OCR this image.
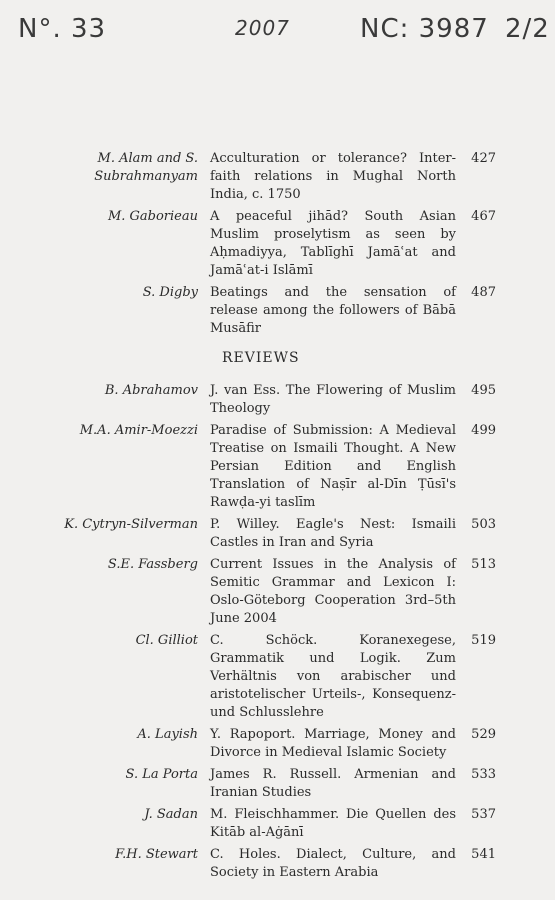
N°. 33	2007	NC: 3987 2/2
M. Alam and S. Subrahmanyam
Acculturation or tolerance? Inter-faith relations in Mughal North India, c. 1750
427
M. Gaborieau A peaceful jihād? South Asian Muslim proselytism as seen by Aḥmadiyya, Tablīghī Jamāʿat and Jamāʿat-i Islāmī
467
S. Digby Beatings and the sensation of release among the followers of Bābā Musāfir
487
REVIEWS
B. Abrahamov J. van Ess. The Flowering of Muslim Theology
495
M.A. Amir-Moezzi Paradise of Submission: A Medieval Treatise on Ismaili Thought. A New Persian Edition and English Translation of Naṣīr al-Dīn Ṭūsī's Rawḍa-yi taslīm
499
K. Cytryn-Silverman P. Willey. Eagle's Nest: Ismaili Castles in Iran and Syria
503
S.E. Fassberg Current Issues in the Analysis of Semitic Grammar and Lexicon I: Oslo-Göteborg Cooperation 3rd–5th June 2004
513
Cl. Gilliot C. Schöck. Koranexegese, Grammatik und Logik. Zum Verhältnis von arabischer und aristotelischer Urteils-, Konsequenz- und Schlusslehre
519
A. Layish Y. Rapoport. Marriage, Money and Divorce in Medieval Islamic Society
529
S. La Porta James R. Russell. Armenian and Iranian Studies
533
J. Sadan M. Fleischhammer. Die Quellen des Kitāb al-Aġānī
537
F.H. Stewart C. Holes. Dialect, Culture, and Society in Eastern Arabia
541
